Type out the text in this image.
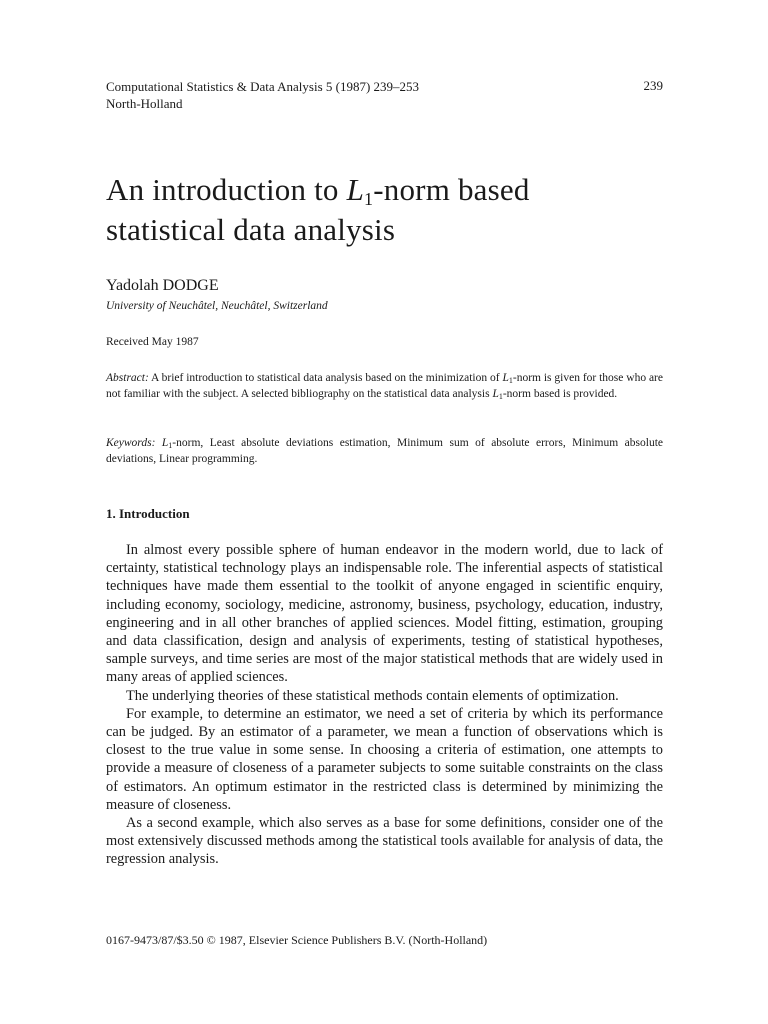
Computational Statistics & Data Analysis 5 (1987) 239–253
North-Holland
239
An introduction to $L_1$-norm based
statistical data analysis
Yadolah DODGE
University of Neuchâtel, Neuchâtel, Switzerland
Received May 1987
Abstract: A brief introduction to statistical data analysis based on the minimization of $L_1$-norm is given for those who are not familiar with the subject. A selected bibliography on the statistical data analysis $L_1$-norm based is provided.
Keywords: $L_1$-norm, Least absolute deviations estimation, Minimum sum of absolute errors, Minimum absolute deviations, Linear programming.
1. Introduction

In almost every possible sphere of human endeavor in the modern world, due to lack of certainty, statistical technology plays an indispensable role. The inferential aspects of statistical techniques have made them essential to the toolkit of anyone engaged in scientific enquiry, including economy, sociology, medicine, astronomy, business, psychology, education, industry, engineering and in all other branches of applied sciences. Model fitting, estimation, grouping and data classification, design and analysis of experiments, testing of statistical hypotheses, sample surveys, and time series are most of the major statistical methods that are widely used in many areas of applied sciences.

The underlying theories of these statistical methods contain elements of optimization.

For example, to determine an estimator, we need a set of criteria by which its performance can be judged. By an estimator of a parameter, we mean a function of observations which is closest to the true value in some sense. In choosing a criteria of estimation, one attempts to provide a measure of closeness of a parameter subjects to some suitable constraints on the class of estimators. An optimum estimator in the restricted class is determined by minimizing the measure of closeness.

As a second example, which also serves as a base for some definitions, consider one of the most extensively discussed methods among the statistical tools available for analysis of data, the regression analysis.

0167-9473/87/$3.50 © 1987, Elsevier Science Publishers B.V. (North-Holland)
